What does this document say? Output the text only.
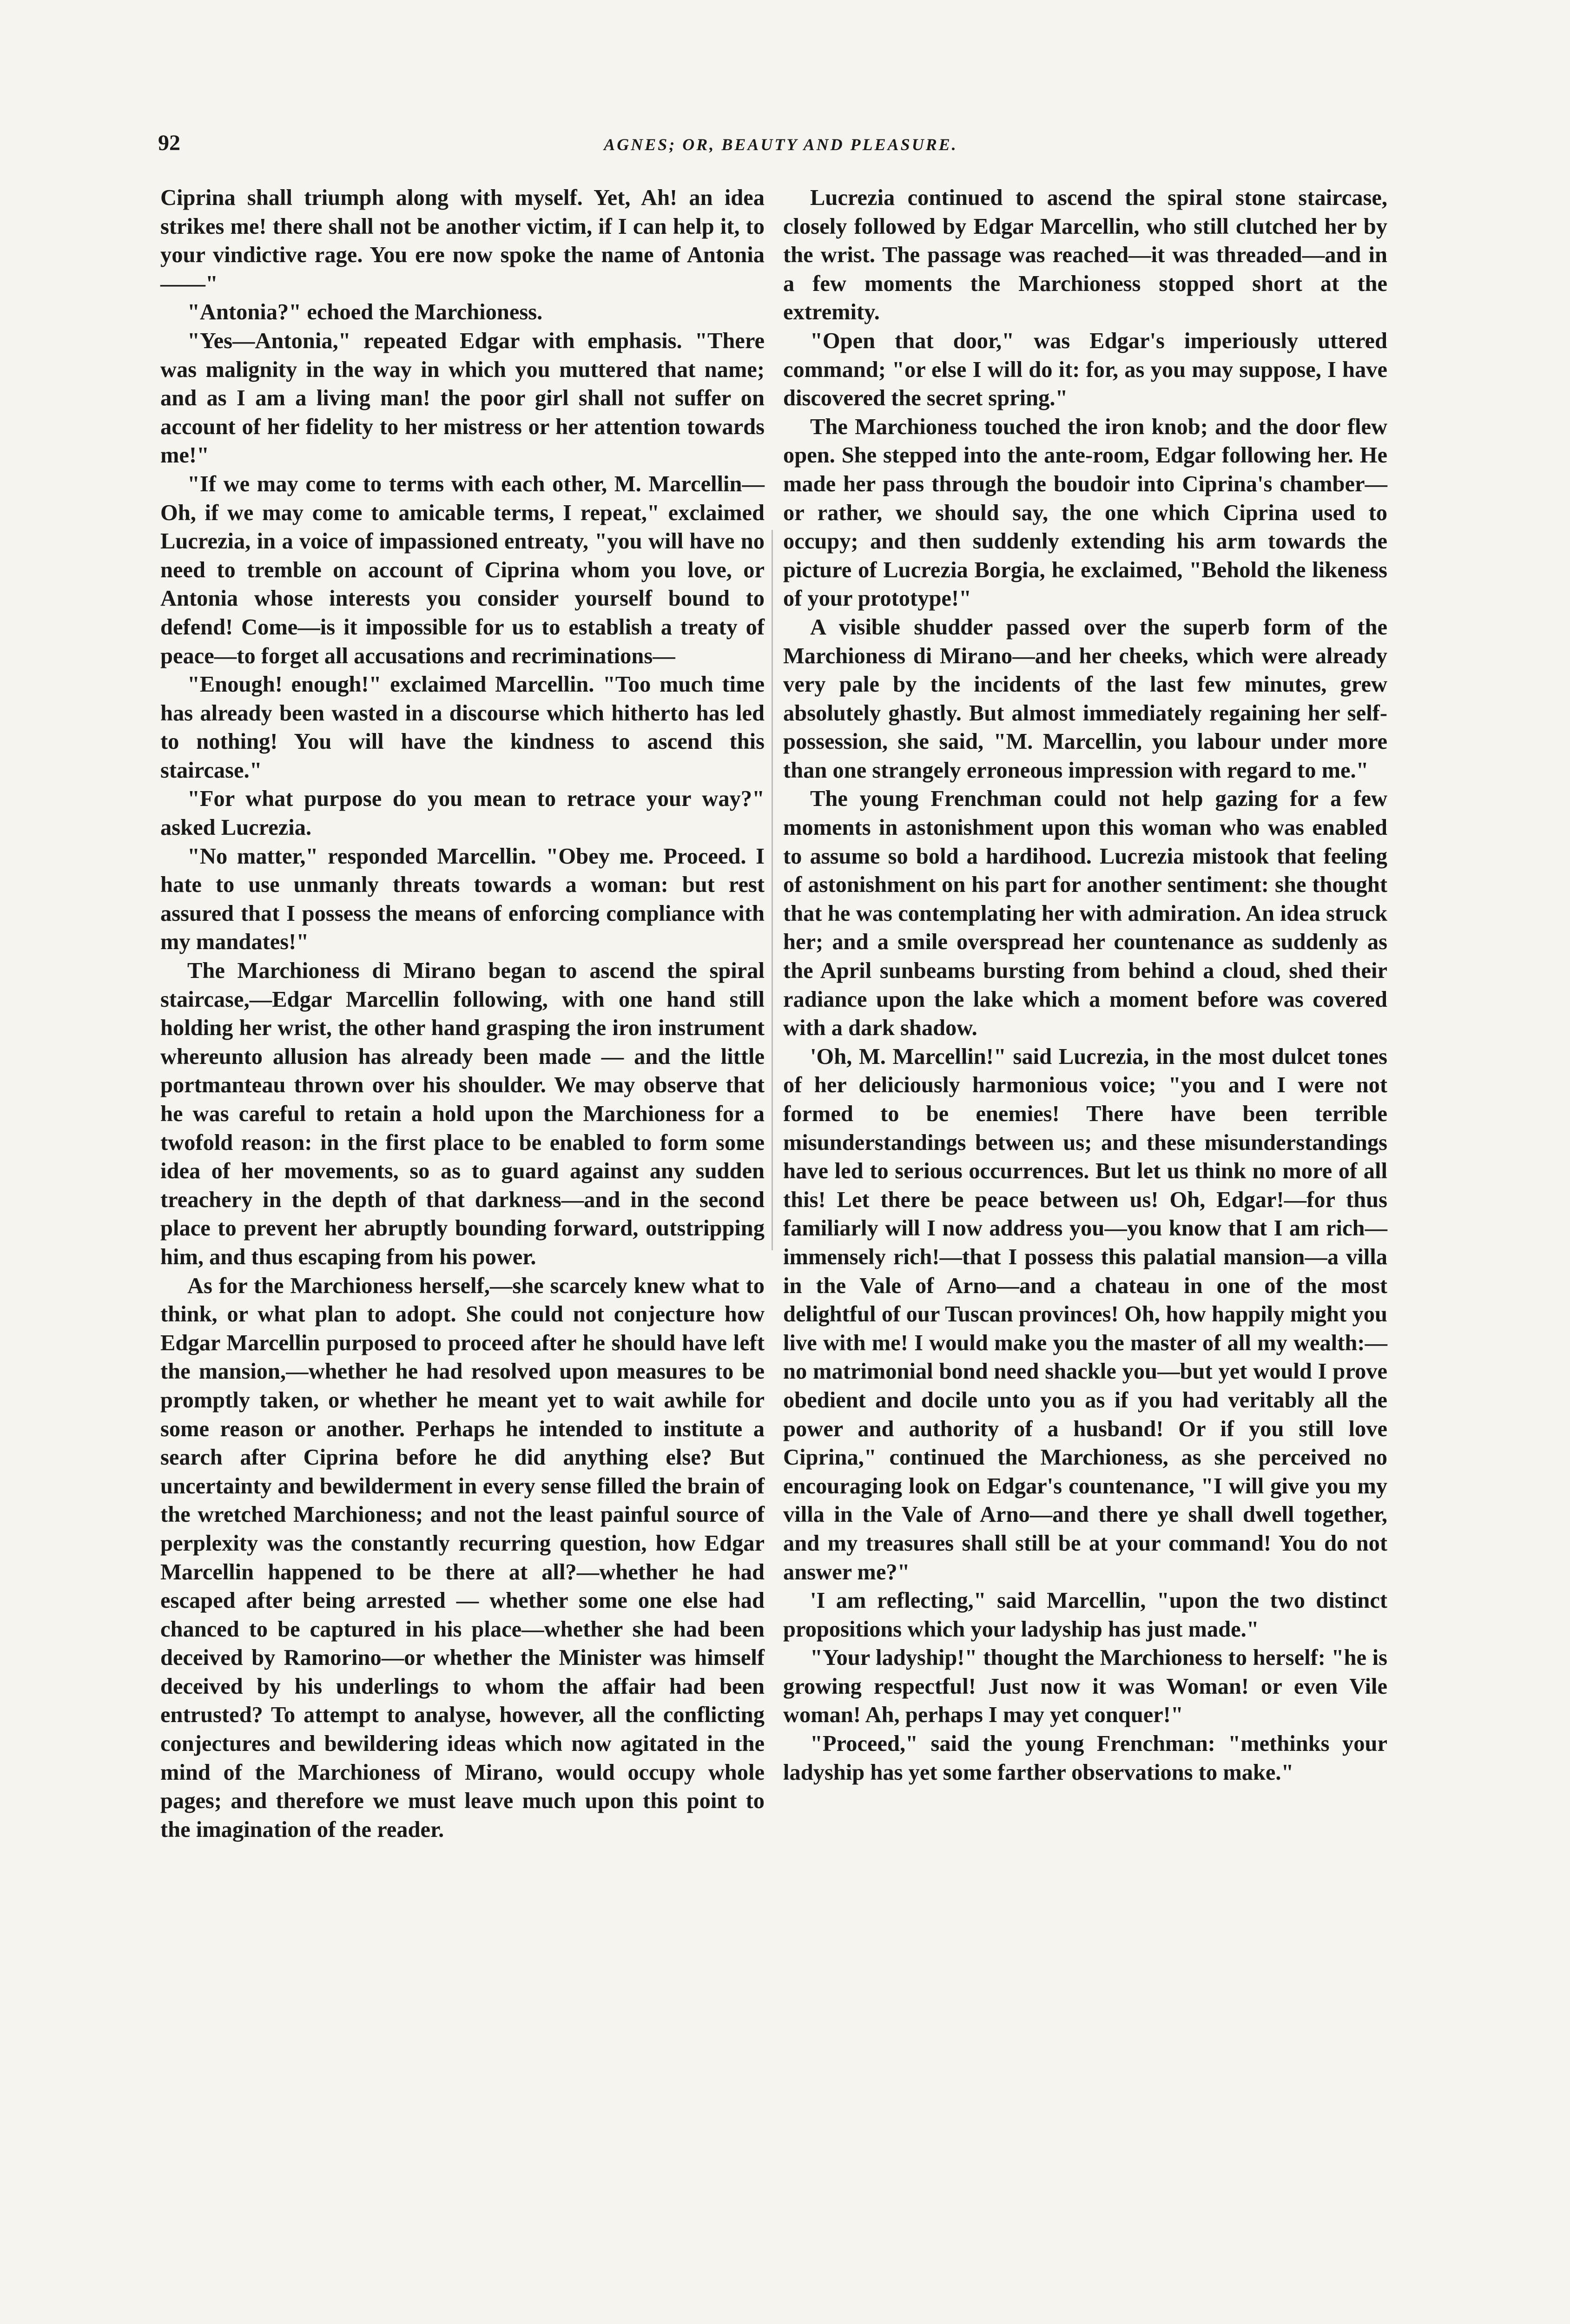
92	AGNES; OR, BEAUTY AND PLEASURE.

Ciprina shall triumph along with myself. Yet, Ah! an idea strikes me! there shall not be another victim, if I can help it, to your vindictive rage. You ere now spoke the name of Antonia——"

"Antonia?" echoed the Marchioness.

"Yes—Antonia," repeated Edgar with emphasis. "There was malignity in the way in which you muttered that name; and as I am a living man! the poor girl shall not suffer on account of her fidelity to her mistress or her attention towards me!"

"If we may come to terms with each other, M. Marcellin—Oh, if we may come to amicable terms, I repeat," exclaimed Lucrezia, in a voice of impassioned entreaty, "you will have no need to tremble on account of Ciprina whom you love, or Antonia whose interests you consider yourself bound to defend! Come—is it impossible for us to establish a treaty of peace—to forget all accusations and recriminations—

"Enough! enough!" exclaimed Marcellin. "Too much time has already been wasted in a discourse which hitherto has led to nothing! You will have the kindness to ascend this staircase."

"For what purpose do you mean to retrace your way?" asked Lucrezia.

"No matter," responded Marcellin. "Obey me. Proceed. I hate to use unmanly threats towards a woman: but rest assured that I possess the means of enforcing compliance with my mandates!"

The Marchioness di Mirano began to ascend the spiral staircase,—Edgar Marcellin following, with one hand still holding her wrist, the other hand grasping the iron instrument whereunto allusion has already been made — and the little portmanteau thrown over his shoulder. We may observe that he was careful to retain a hold upon the Marchioness for a twofold reason: in the first place to be enabled to form some idea of her movements, so as to guard against any sudden treachery in the depth of that darkness—and in the second place to prevent her abruptly bounding forward, outstripping him, and thus escaping from his power.

As for the Marchioness herself,—she scarcely knew what to think, or what plan to adopt. She could not conjecture how Edgar Marcellin purposed to proceed after he should have left the mansion,—whether he had resolved upon measures to be promptly taken, or whether he meant yet to wait awhile for some reason or another. Perhaps he intended to institute a search after Ciprina before he did anything else? But uncertainty and bewilderment in every sense filled the brain of the wretched Marchioness; and not the least painful source of perplexity was the constantly recurring question, how Edgar Marcellin happened to be there at all?—whether he had escaped after being arrested — whether some one else had chanced to be captured in his place—whether she had been deceived by Ramorino—or whether the Minister was himself deceived by his underlings to whom the affair had been entrusted? To attempt to analyse, however, all the conflicting conjectures and bewildering ideas which now agitated in the mind of the Marchioness of Mirano, would occupy whole pages; and therefore we must leave much upon this point to the imagination of the reader.

Lucrezia continued to ascend the spiral stone staircase, closely followed by Edgar Marcellin, who still clutched her by the wrist. The passage was reached—it was threaded—and in a few moments the Marchioness stopped short at the extremity.

"Open that door," was Edgar's imperiously uttered command; "or else I will do it: for, as you may suppose, I have discovered the secret spring."

The Marchioness touched the iron knob; and the door flew open. She stepped into the ante-room, Edgar following her. He made her pass through the boudoir into Ciprina's chamber—or rather, we should say, the one which Ciprina used to occupy; and then suddenly extending his arm towards the picture of Lucrezia Borgia, he exclaimed, "Behold the likeness of your prototype!"

A visible shudder passed over the superb form of the Marchioness di Mirano—and her cheeks, which were already very pale by the incidents of the last few minutes, grew absolutely ghastly. But almost immediately regaining her self-possession, she said, "M. Marcellin, you labour under more than one strangely erroneous impression with regard to me."

The young Frenchman could not help gazing for a few moments in astonishment upon this woman who was enabled to assume so bold a hardihood. Lucrezia mistook that feeling of astonishment on his part for another sentiment: she thought that he was contemplating her with admiration. An idea struck her; and a smile overspread her countenance as suddenly as the April sunbeams bursting from behind a cloud, shed their radiance upon the lake which a moment before was covered with a dark shadow.

'Oh, M. Marcellin!" said Lucrezia, in the most dulcet tones of her deliciously harmonious voice; "you and I were not formed to be enemies! There have been terrible misunderstandings between us; and these misunderstandings have led to serious occurrences. But let us think no more of all this! Let there be peace between us! Oh, Edgar!—for thus familiarly will I now address you—you know that I am rich—immensely rich!—that I possess this palatial mansion—a villa in the Vale of Arno—and a chateau in one of the most delightful of our Tuscan provinces! Oh, how happily might you live with me! I would make you the master of all my wealth:—no matrimonial bond need shackle you—but yet would I prove obedient and docile unto you as if you had veritably all the power and authority of a husband! Or if you still love Ciprina," continued the Marchioness, as she perceived no encouraging look on Edgar's countenance, "I will give you my villa in the Vale of Arno—and there ye shall dwell together, and my treasures shall still be at your command! You do not answer me?"

'I am reflecting," said Marcellin, "upon the two distinct propositions which your ladyship has just made."

"Your ladyship!" thought the Marchioness to herself: "he is growing respectful! Just now it was Woman! or even Vile woman! Ah, perhaps I may yet conquer!"

"Proceed," said the young Frenchman: "methinks your ladyship has yet some farther observations to make."
